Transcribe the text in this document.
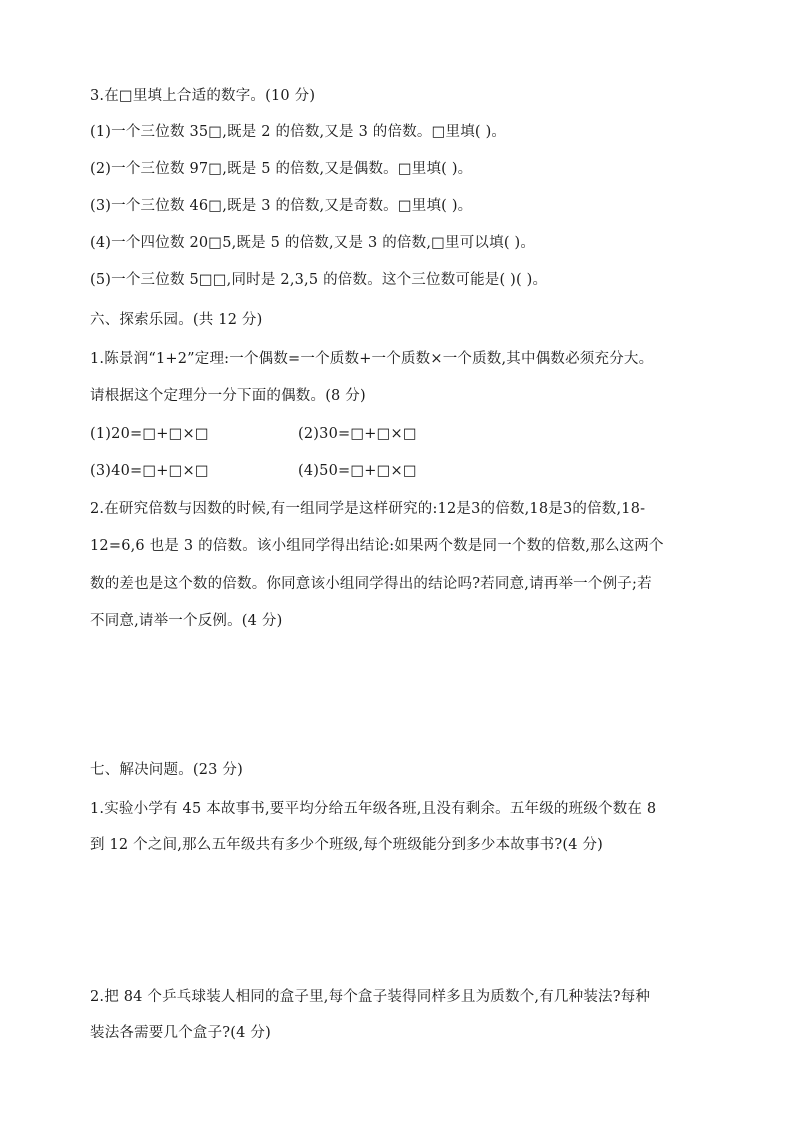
3.在□里填上合适的数字。(10 分)
(1)一个三位数 35□,既是 2 的倍数,又是 3 的倍数。□里填( )。
(2)一个三位数 97□,既是 5 的倍数,又是偶数。□里填( )。
(3)一个三位数 46□,既是 3 的倍数,又是奇数。□里填( )。
(4)一个四位数 20□5,既是 5 的倍数,又是 3 的倍数,□里可以填( )。
(5)一个三位数 5□□,同时是 2,3,5 的倍数。这个三位数可能是( )( )。
六、探索乐园。(共 12 分)
1.陈景润“1+2”定理:一个偶数=一个质数+一个质数×一个质数,其中偶数必须充分大。
请根据这个定理分一分下面的偶数。(8 分)
(1)20=□+□×□	(2)30=□+□×□
(3)40=□+□×□	(4)50=□+□×□
2.在研究倍数与因数的时候,有一组同学是这样研究的:12是3的倍数,18是3的倍数,18-
12=6,6 也是 3 的倍数。该小组同学得出结论:如果两个数是同一个数的倍数,那么这两个
数的差也是这个数的倍数。你同意该小组同学得出的结论吗?若同意,请再举一个例子;若
不同意,请举一个反例。(4 分)
七、解决问题。(23 分)
1.实验小学有 45 本故事书,要平均分给五年级各班,且没有剩余。五年级的班级个数在 8
到 12 个之间,那么五年级共有多少个班级,每个班级能分到多少本故事书?(4 分)
2.把 84 个乒乓球装人相同的盒子里,每个盒子装得同样多且为质数个,有几种装法?每种
装法各需要几个盒子?(4 分)
